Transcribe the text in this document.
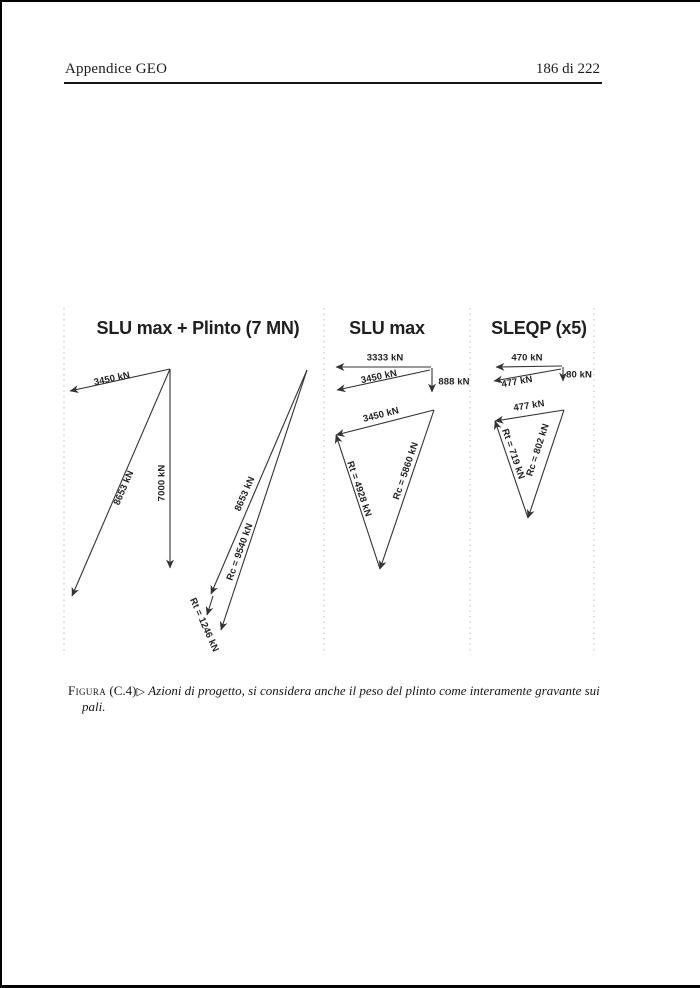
Appendice GEO	186 di 222
SLU max + Plinto (7 MN)	SLU max	SLEQP (x5)
3450 kN
8653 kN 7000 kN	8653 kN
Rc = 9540 kN
Rt = 1246 kN
3333 kN
888 kN
3450 kN
3450 kN
Rt = 4928 kN Rc = 5860 kN
470 kN
80 kN
477 kN
477 kN
Rt = 719 kN
Rc = 802 kN

Figura (C.4)▷ Azioni di progetto, si considera anche il peso del plinto come interamente gravante sui pali.
